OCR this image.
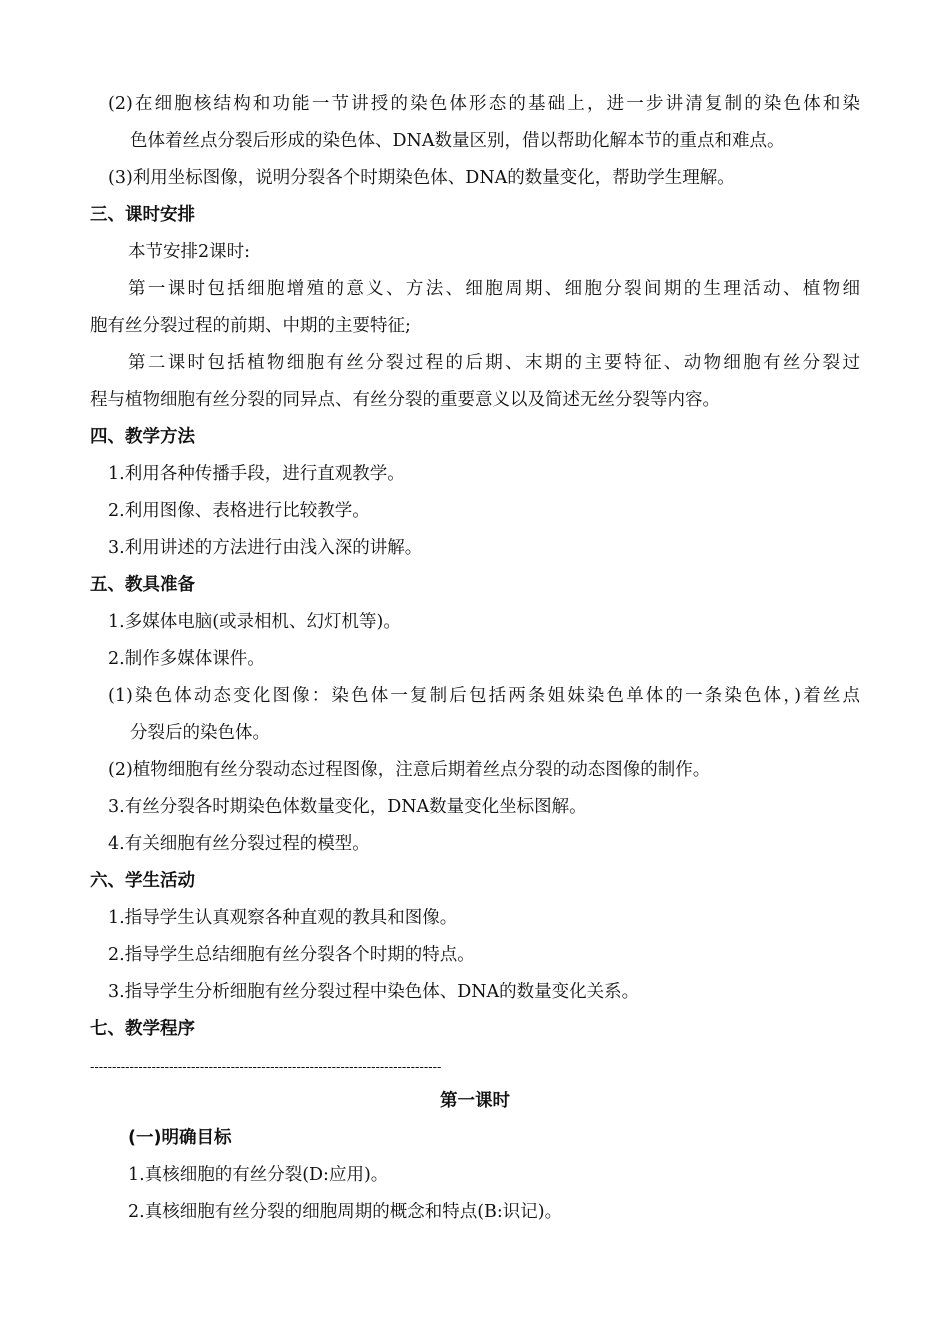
(2)在细胞核结构和功能一节讲授的染色体形态的基础上，进一步讲清复制的染色体和染
色体着丝点分裂后形成的染色体、DNA数量区别，借以帮助化解本节的重点和难点。
(3)利用坐标图像，说明分裂各个时期染色体、DNA的数量变化，帮助学生理解。
三、课时安排
本节安排2课时:
第一课时包括细胞增殖的意义、方法、细胞周期、细胞分裂间期的生理活动、植物细
胞有丝分裂过程的前期、中期的主要特征;
第二课时包括植物细胞有丝分裂过程的后期、末期的主要特征、动物细胞有丝分裂过
程与植物细胞有丝分裂的同异点、有丝分裂的重要意义以及简述无丝分裂等内容。
四、教学方法
1.利用各种传播手段，进行直观教学。
2.利用图像、表格进行比较教学。
3.利用讲述的方法进行由浅入深的讲解。
五、教具准备
1.多媒体电脑(或录相机、幻灯机等)。
2.制作多媒体课件。
(1)染色体动态变化图像：染色体一复制后包括两条姐妹染色单体的一条染色体，)着丝点
分裂后的染色体。
(2)植物细胞有丝分裂动态过程图像，注意后期着丝点分裂的动态图像的制作。
3.有丝分裂各时期染色体数量变化，DNA数量变化坐标图解。
4.有关细胞有丝分裂过程的模型。
六、学生活动
1.指导学生认真观察各种直观的教具和图像。
2.指导学生总结细胞有丝分裂各个时期的特点。
3.指导学生分析细胞有丝分裂过程中染色体、DNA的数量变化关系。
七、教学程序
--------------------------------------------------------------------------------
第一课时
(一)明确目标
1.真核细胞的有丝分裂(D:应用)。
2.真核细胞有丝分裂的细胞周期的概念和特点(B:识记)。
